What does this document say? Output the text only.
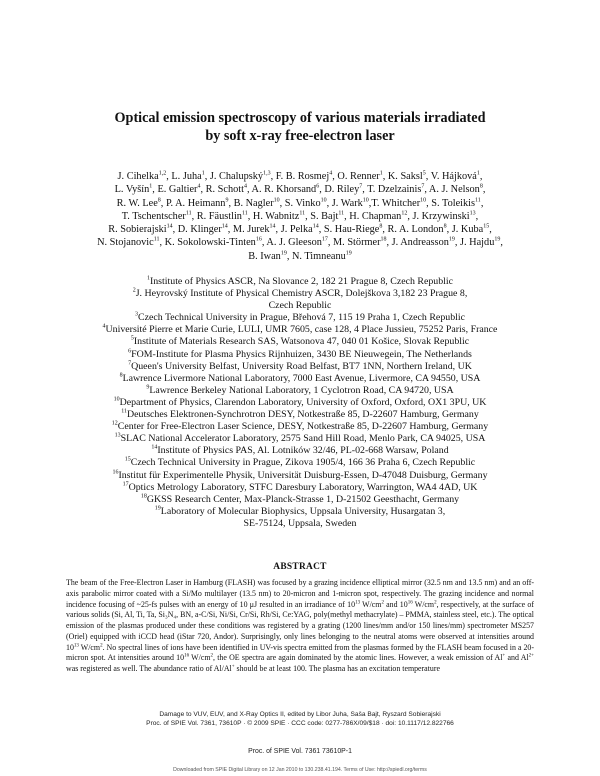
Optical emission spectroscopy of various materials irradiated
by soft x-ray free-electron laser
J. Cihelka$^{1,2}$, L. Juha$^1$, J. Chalupský$^{1,3}$, F. B. Rosmej$^4$, O. Renner$^1$, K. Saksl$^5$, V. Hájková$^1$,
L. Vyšín$^1$, E. Galtier$^4$, R. Schott$^4$, A. R. Khorsand$^6$, D. Riley$^7$, T. Dzelzainis$^7$, A. J. Nelson$^8$,
R. W. Lee$^8$, P. A. Heimann$^9$, B. Nagler$^{10}$, S. Vinko$^{10}$, J. Wark$^{10}$,T. Whitcher$^{10}$, S. Toleikis$^{11}$,
T. Tschentscher$^{11}$, R. Fäustlin$^{11}$, H. Wabnitz$^{11}$, S. Bajt$^{11}$, H. Chapman$^{12}$, J. Krzywinski$^{13}$,
R. Sobierajski$^{14}$, D. Klinger$^{14}$, M. Jurek$^{14}$, J. Pelka$^{14}$, S. Hau-Riege$^8$, R. A. London$^8$, J. Kuba$^{15}$,
N. Stojanovic$^{11}$, K. Sokolowski-Tinten$^{16}$, A. J. Gleeson$^{17}$, M. Störmer$^{18}$, J. Andreasson$^{19}$, J. Hajdu$^{19}$,
B. Iwan$^{19}$, N. Timneanu$^{19}$
$^1$Institute of Physics ASCR, Na Slovance 2, 182 21 Prague 8, Czech Republic
$^2$J. Heyrovský Institute of Physical Chemistry ASCR, Dolejškova 3,182 23 Prague 8,
Czech Republic
$^3$Czech Technical University in Prague, Břehová 7, 115 19 Praha 1, Czech Republic
$^4$Université Pierre et Marie Curie, LULI, UMR 7605, case 128, 4 Place Jussieu, 75252 Paris, France
$^5$Institute of Materials Research SAS, Watsonova 47, 040 01 Košice, Slovak Republic
$^6$FOM-Institute for Plasma Physics Rijnhuizen, 3430 BE Nieuwegein, The Netherlands
$^7$Queen's University Belfast, University Road Belfast, BT7 1NN, Northern Ireland, UK
$^8$Lawrence Livermore National Laboratory, 7000 East Avenue, Livermore, CA 94550, USA
$^9$Lawrence Berkeley National Laboratory, 1 Cyclotron Road, CA 94720, USA
$^{10}$Department of Physics, Clarendon Laboratory, University of Oxford, Oxford, OX1 3PU, UK
$^{11}$Deutsches Elektronen-Synchrotron DESY, Notkestraße 85, D-22607 Hamburg, Germany
$^{12}$Center for Free-Electron Laser Science, DESY, Notkestraße 85, D-22607 Hamburg, Germany
$^{13}$SLAC National Accelerator Laboratory, 2575 Sand Hill Road, Menlo Park, CA 94025, USA
$^{14}$Institute of Physics PAS, Al. Lotników 32/46, PL-02-668 Warsaw, Poland
$^{15}$Czech Technical University in Prague, Zikova 1905/4, 166 36 Praha 6, Czech Republic
$^{16}$Institut für Experimentelle Physik, Universität Duisburg-Essen, D-47048 Duisburg, Germany
$^{17}$Optics Metrology Laboratory, STFC Daresbury Laboratory, Warrington, WA4 4AD, UK
$^{18}$GKSS Research Center, Max-Planck-Strasse 1, D-21502 Geesthacht, Germany
$^{19}$Laboratory of Molecular Biophysics, Uppsala University, Husargatan 3,
SE-75124, Uppsala, Sweden
ABSTRACT
The beam of the Free-Electron Laser in Hamburg (FLASH) was focused by a grazing incidence elliptical mirror (32.5 nm and 13.5 nm) and an off-axis parabolic mirror coated with a Si/Mo multilayer (13.5 nm) to 20-micron and 1-micron spot, respectively. The grazing incidence and normal incidence focusing of ~25-fs pulses with an energy of 10 μJ resulted in an irradiance of $10^{13}$ $W/cm^2$ and $10^{16}$ $W/cm^2$, respectively, at the surface of various solids (Si, Al, Ti, Ta, Si₃N₄, BN, a-C/Si, Ni/Si, Cr/Si, Rh/Si, Ce:YAG, poly(methyl methacrylate) – PMMA, stainless steel, etc.). The optical emission of the plasmas produced under these conditions was registered by a grating (1200 lines/mm and/or 150 lines/mm) spectrometer MS257 (Oriel) equipped with iCCD head (iStar 720, Andor). Surprisingly, only lines belonging to the neutral atoms were observed at intensities around $10^{13}$ $W/cm^2$. No spectral lines of ions have been identified in UV-vis spectra emitted from the plasmas formed by the FLASH beam focused in a 20-micron spot. At intensities around $10^{16}$ $W/cm^2$, the OE spectra are again dominated by the atomic lines. However, a weak emission of Al+ and $Al^{2+}$ was registered as well. The abundance ratio of Al/Al+ should be at least 100. The plasma has an excitation temperature
Damage to VUV, EUV, and X-Ray Optics II, edited by Libor Juha, Saša Bajt, Ryszard Sobierajski
Proc. of SPIE Vol. 7361, 73610P · © 2009 SPIE · CCC code: 0277-786X/09/$18 · doi: 10.1117/12.822766
Proc. of SPIE Vol. 7361 73610P-1
Downloaded from SPIE Digital Library on 12 Jan 2010 to 130.238.41.194. Terms of Use: http://spiedl.org/terms
